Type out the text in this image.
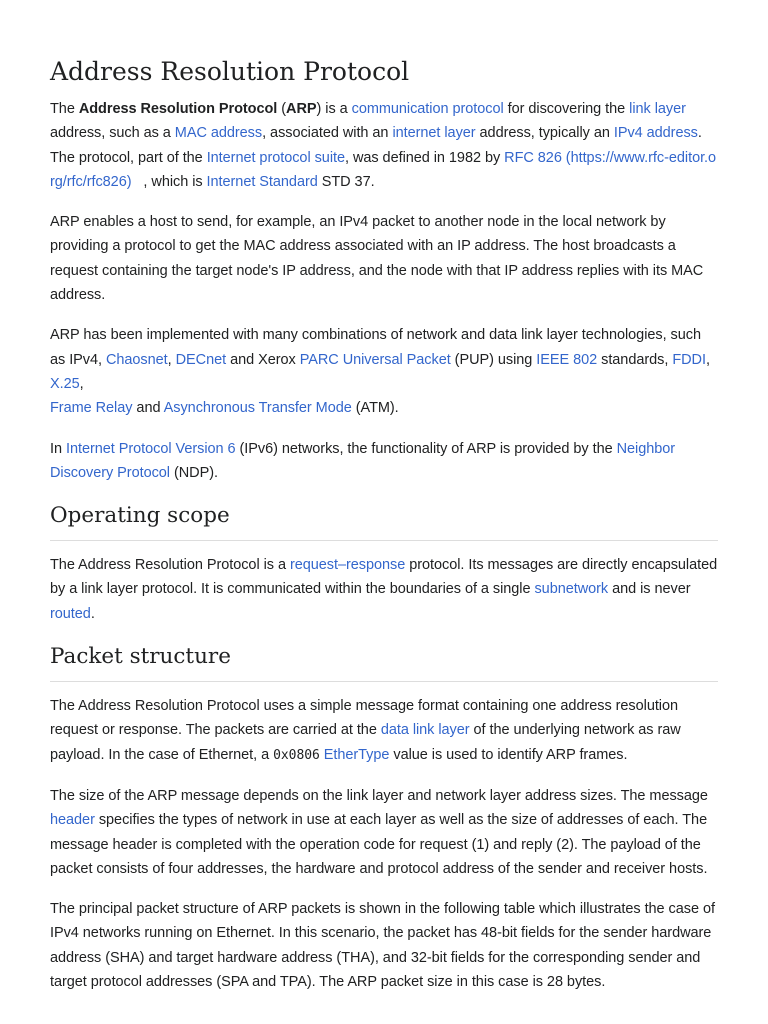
Address Resolution Protocol

The Address Resolution Protocol (ARP) is a communication protocol for discovering the link layer address, such as a MAC address, associated with an internet layer address, typically an IPv4 address. The protocol, part of the Internet protocol suite, was defined in 1982 by RFC 826 (https://www.rfc-editor.o
rg/rfc/rfc826)   , which is Internet Standard STD 37.

ARP enables a host to send, for example, an IPv4 packet to another node in the local network by providing a protocol to get the MAC address associated with an IP address. The host broadcasts a request containing the target node's IP address, and the node with that IP address replies with its MAC address.

ARP has been implemented with many combinations of network and data link layer technologies, such as IPv4, Chaosnet, DECnet and Xerox PARC Universal Packet (PUP) using IEEE 802 standards, FDDI, X.25,
Frame Relay and Asynchronous Transfer Mode (ATM).

In Internet Protocol Version 6 (IPv6) networks, the functionality of ARP is provided by the Neighbor Discovery Protocol (NDP).

Operating scope

The Address Resolution Protocol is a request–response protocol. Its messages are directly encapsulated by a link layer protocol. It is communicated within the boundaries of a single subnetwork and is never
routed.

Packet structure

The Address Resolution Protocol uses a simple message format containing one address resolution request or response. The packets are carried at the data link layer of the underlying network as raw payload. In the case of Ethernet, a 0x0806 EtherType value is used to identify ARP frames.

The size of the ARP message depends on the link layer and network layer address sizes. The message
header specifies the types of network in use at each layer as well as the size of addresses of each. The message header is completed with the operation code for request (1) and reply (2). The payload of the packet consists of four addresses, the hardware and protocol address of the sender and receiver hosts.

The principal packet structure of ARP packets is shown in the following table which illustrates the case of IPv4 networks running on Ethernet. In this scenario, the packet has 48-bit fields for the sender hardware address (SHA) and target hardware address (THA), and 32-bit fields for the corresponding sender and target protocol addresses (SPA and TPA). The ARP packet size in this case is 28 bytes.
